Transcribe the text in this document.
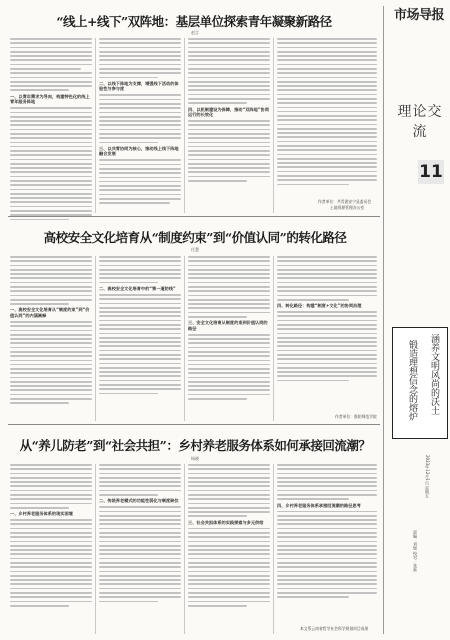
“线上+线下”双阵地：基层单位探索青年凝聚新路径
赵言
一、以青年需求为导向，构建特色化的线上青年服务阵地
二、以线下阵地为支撑，增强线下活动的体验性与参与度
三、以共青协同为核心，推动线上线下阵地融合发展
四、以机制建设为保障，推动“双阵地”协同运行的长效化
作者单位：共青团安宁县委员会
土地资源管理办公室
高校安全文化培育从“制度约束”到“价值认同”的转化路径
任慧
一、高校安全文化培育从“制度约束”到“价值认同”的内涵阐释
二、高校安全文化培育中的“第一道防线”
三、安全文化培育从制度约束到价值认同的路径
四、转化路径：构建“制度+文化”的协同治理
作者单位：淮阴师范学院
从“养儿防老”到“社会共担”：乡村养老服务体系如何承接回流潮？
杨晓
一、乡村养老服务体系的现实困境
二、传统养老模式的功能性弱化与制度缺位
三、社会共担体系的实践探索与多元供给
四、乡村养老服务体系承接回流潮的路径思考
本文系云南省哲学社会科学规划项目成果
市场导报
理论交流
11
涵养文明风尚的沃土
锻造理想信念的熔炉
2023年12月1日 星期五
责编：刘媛 校对：张磊
